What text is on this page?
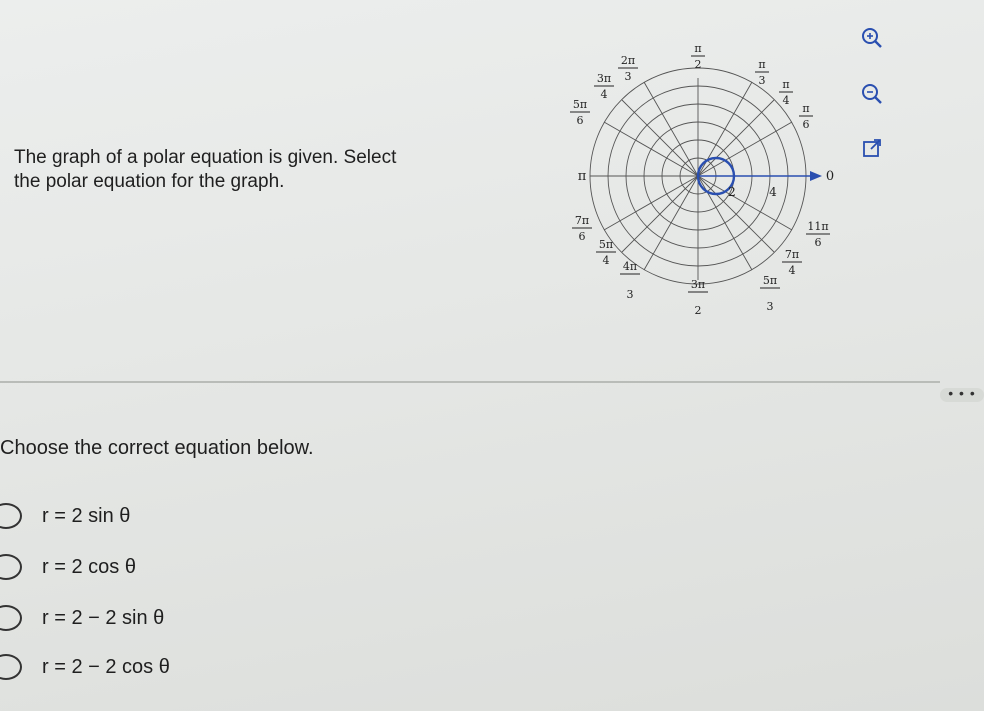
The graph of a polar equation is given. Select
the polar equation for the graph.
π
2
2π
3
π
3
3π
4
π
4
5π
6
π
6
π	0
7π
6
11π
6
5π
4	7π
4
4π
3
3π
2
5π
3
2	4
• • •
Choose the correct equation below.
r = 2 sin θ
r = 2 cos θ
r = 2 − 2 sin θ
r = 2 − 2 cos θ
